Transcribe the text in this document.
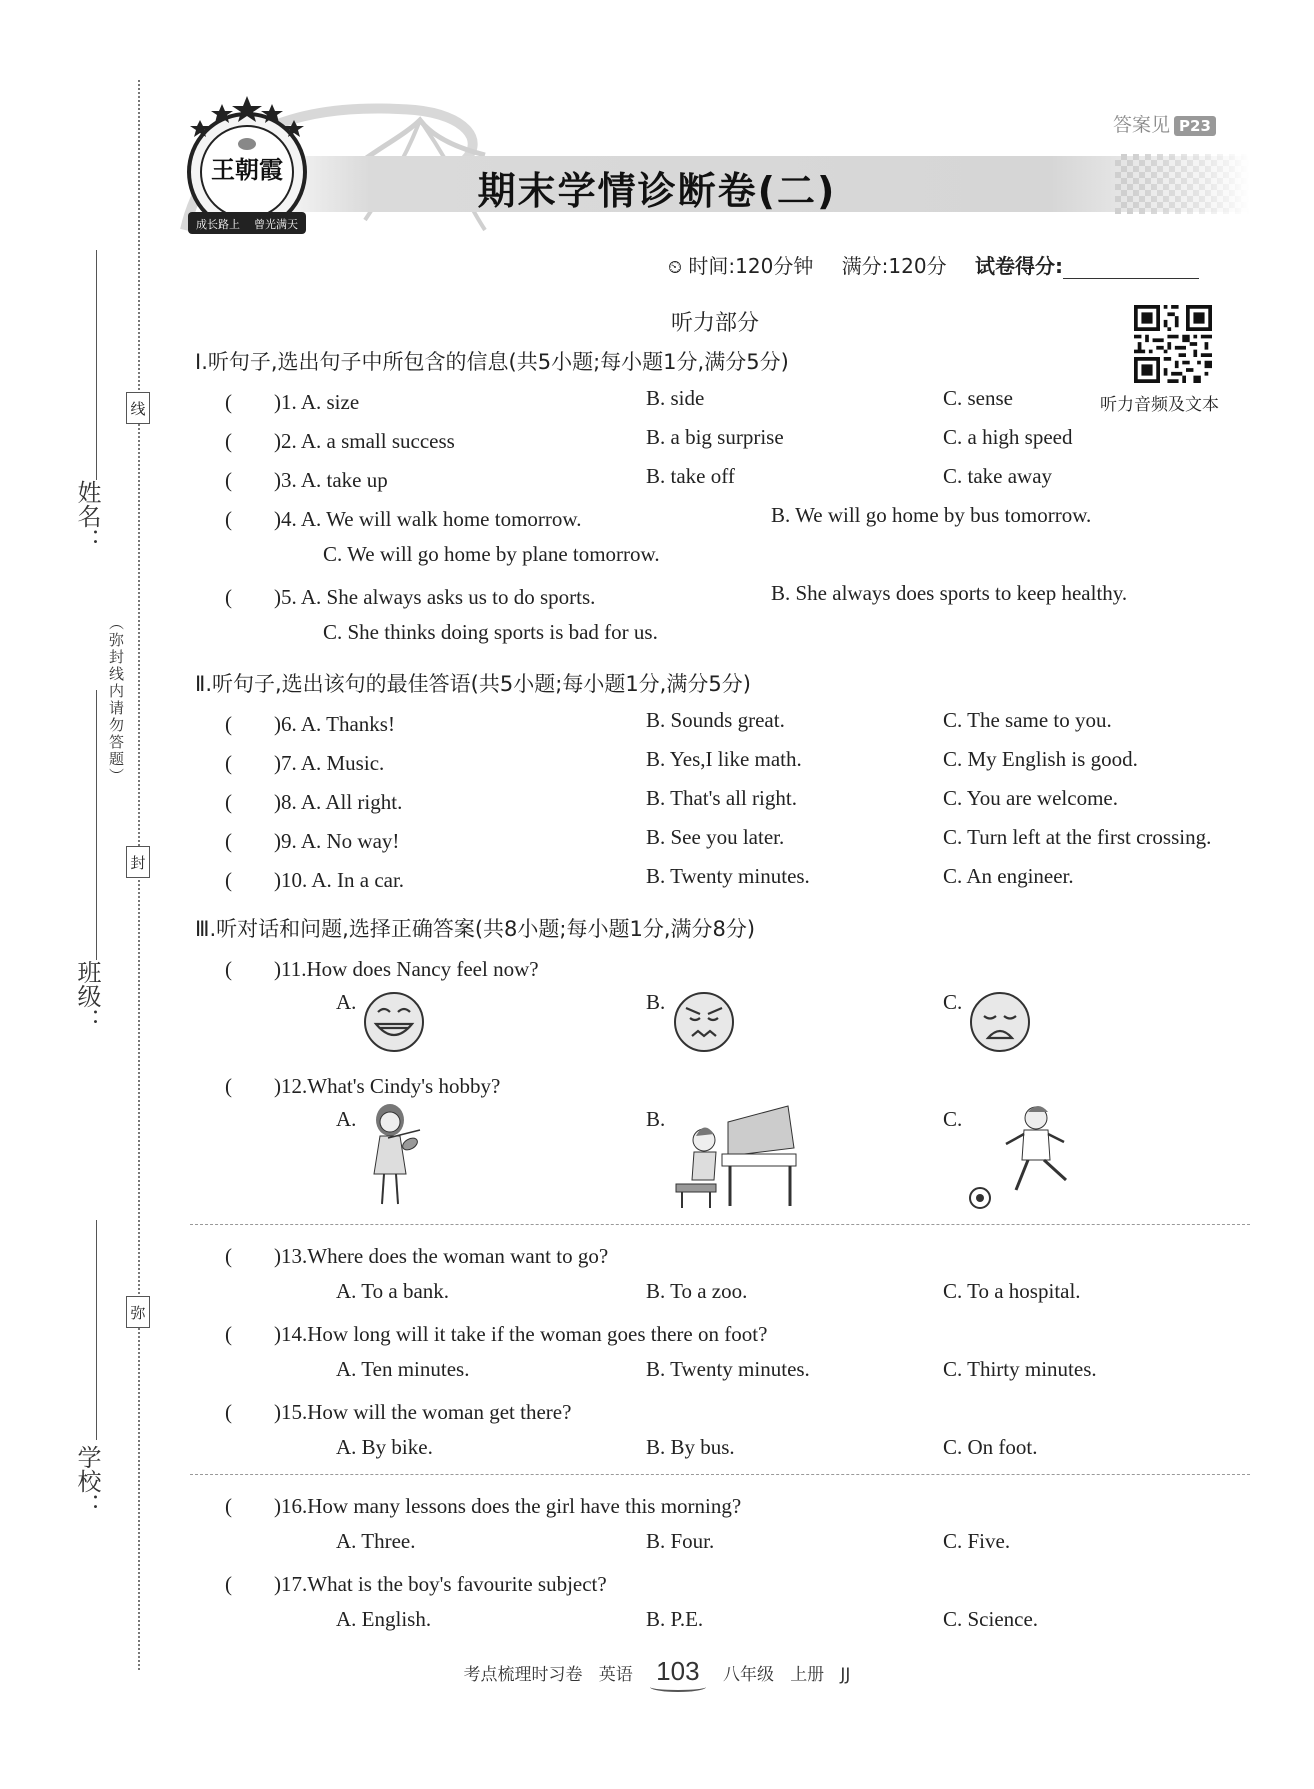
姓名：
班级：
学校：
线
（弥封线内请勿答题）
封
弥
王朝霞
成长路上 曾光满天
答案见 P23
期末学情诊断卷(二)
⏲ 时间:120分钟 满分:120分 试卷得分:
听力部分
听力音频及文本
Ⅰ.听句子,选出句子中所包含的信息(共5小题;每小题1分,满分5分)
(　　)1. A. size	B. side	C. sense
(　　)2. A. a small success	B. a big surprise	C. a high speed
(　　)3. A. take up	B. take off	C. take away
(　　)4. A. We will walk home tomorrow.	B. We will go home by bus tomorrow.
C. We will go home by plane tomorrow.
(　　)5. A. She always asks us to do sports.	B. She always does sports to keep healthy.
C. She thinks doing sports is bad for us.
Ⅱ.听句子,选出该句的最佳答语(共5小题;每小题1分,满分5分)
(　　)6. A. Thanks!	B. Sounds great.	C. The same to you.
(　　)7. A. Music.	B. Yes,I like math.	C. My English is good.
(　　)8. A. All right.	B. That's all right.	C. You are welcome.
(　　)9. A. No way!	B. See you later.	C. Turn left at the first crossing.
(　　)10. A. In a car.	B. Twenty minutes.	C. An engineer.
Ⅲ.听对话和问题,选择正确答案(共8小题;每小题1分,满分8分)
(　　)11.How does Nancy feel now?
A.	B.	C.
(　　)12.What's Cindy's hobby?
A.	B.	C.
(　　)13.Where does the woman want to go?
A. To a bank.	B. To a zoo.	C. To a hospital.
(　　)14.How long will it take if the woman goes there on foot?
A. Ten minutes.	B. Twenty minutes.	C. Thirty minutes.
(　　)15.How will the woman get there?
A. By bike.	B. By bus.	C. On foot.
(　　)16.How many lessons does the girl have this morning?
A. Three.	B. Four.	C. Five.
(　　)17.What is the boy's favourite subject?
A. English.	B. P.E.	C. Science.
考点梳理时习卷 英语 103 八年级 上册 JJ
